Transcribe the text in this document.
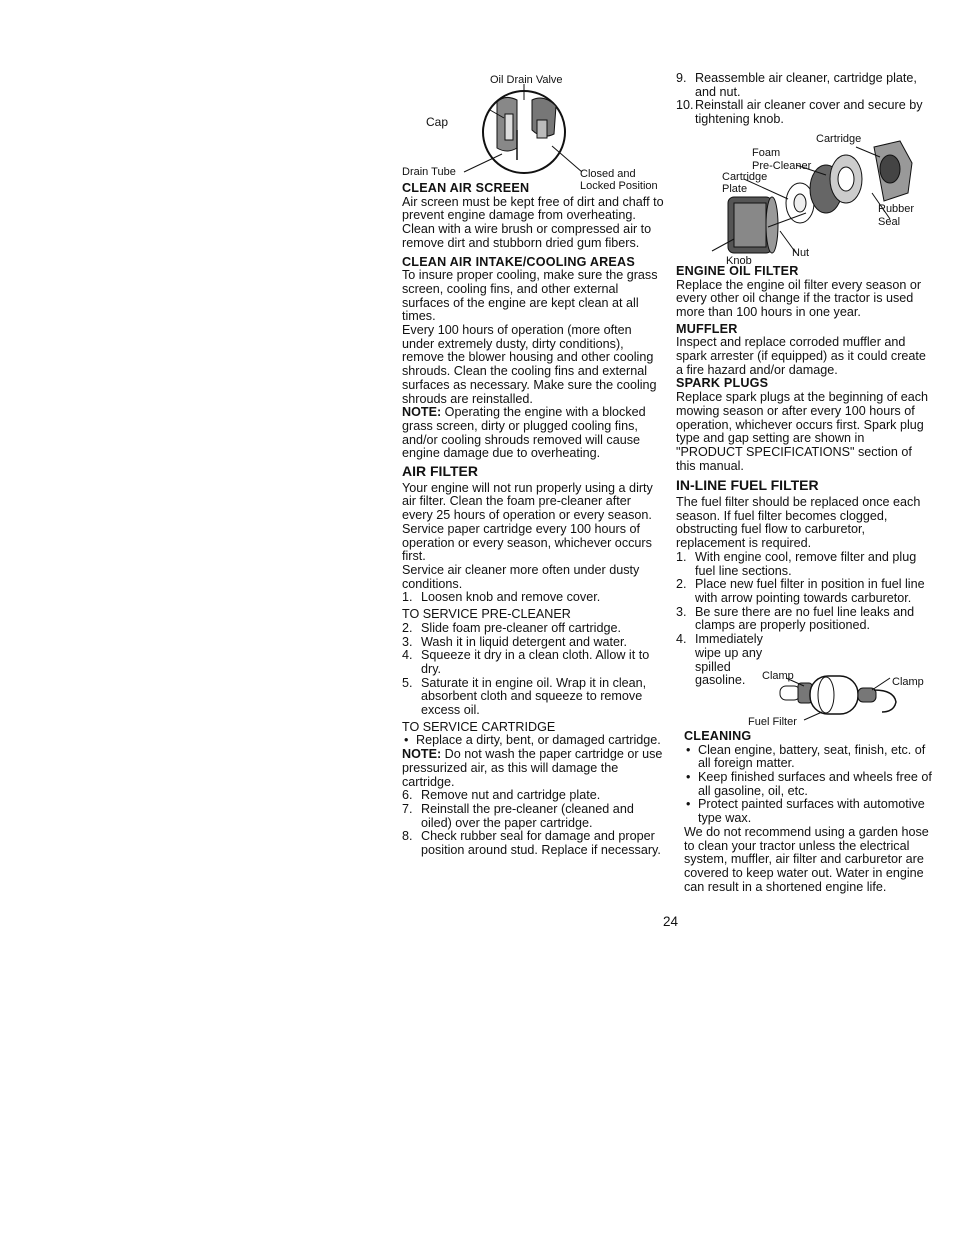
Oil Drain Valve
Cap
Drain Tube	Closed and
Locked Position
CLEAN AIR SCREEN

Air screen must be kept free of dirt and chaff to prevent engine damage from overheating. Clean with a wire brush or compressed air to remove dirt and stubborn dried gum fibers.

CLEAN AIR INTAKE/COOLING AREAS

To insure proper cooling, make sure the grass screen, cooling fins, and other external surfaces of the engine are kept clean at all times.

Every 100 hours of operation (more often under extremely dusty, dirty conditions), remove the blower housing and other cooling shrouds. Clean the cooling fins and external surfaces as necessary. Make sure the cooling shrouds are reinstalled.

NOTE: Operating the engine with a blocked grass screen, dirty or plugged cooling fins, and/or cooling shrouds removed will cause engine damage due to overheating.

AIR FILTER

Your engine will not run properly using a dirty air filter. Clean the foam pre-cleaner after every 25 hours of operation or every season. Service paper cartridge every 100 hours of operation or every season, whichever occurs first.

Service air cleaner more often under dusty conditions.

1. Loosen knob and remove cover.

TO SERVICE PRE-CLEANER

2. Slide foam pre-cleaner off cartridge.
3. Wash it in liquid detergent and water.
4. Squeeze it dry in a clean cloth. Allow it to dry.
5. Saturate it in engine oil. Wrap it in clean, absorbent cloth and squeeze to remove excess oil.

TO SERVICE CARTRIDGE

• Replace a dirty, bent, or damaged cartridge.

NOTE: Do not wash the paper cartridge or use pressurized air, as this will damage the cartridge.

6. Remove nut and cartridge plate.
7. Reinstall the pre-cleaner (cleaned and oiled) over the paper cartridge.
8. Check rubber seal for damage and proper position around stud. Replace if necessary.
24
9. Reassemble air cleaner, cartridge plate, and nut.
10. Reinstall air cleaner cover and secure by tightening knob.
Cartridge
Foam
Pre-Cleaner
Cartridge
Plate
Rubber
Seal
Knob
Nut
ENGINE OIL FILTER

Replace the engine oil filter every season or every other oil change if the tractor is used more than 100 hours in one year.

MUFFLER

Inspect and replace corroded muffler and spark arrester (if equipped) as it could create a fire hazard and/or damage.

SPARK PLUGS

Replace spark plugs at the beginning of each mowing season or after every 100 hours of operation, whichever occurs first. Spark plug type and gap setting are shown in "PRODUCT SPECIFICATIONS" section of this manual.

IN-LINE FUEL FILTER

The fuel filter should be replaced once each season. If fuel filter becomes clogged, obstructing fuel flow to carburetor, replacement is required.

1. With engine cool, remove filter and plug fuel line sections.
2. Place new fuel filter in position in fuel line with arrow pointing towards carburetor.
3. Be sure there are no fuel line leaks and clamps are properly positioned.
4. Immediately wipe up any spilled gasoline.	Clamp	Clamp
Fuel Filter
CLEANING
• Clean engine, battery, seat, finish, etc. of all foreign matter.
• Keep finished surfaces and wheels free of all gasoline, oil, etc.
• Protect painted surfaces with automotive type wax.

We do not recommend using a garden hose to clean your tractor unless the electrical system, muffler, air filter and carburetor are covered to keep water out. Water in engine can result in a shortened engine life.
